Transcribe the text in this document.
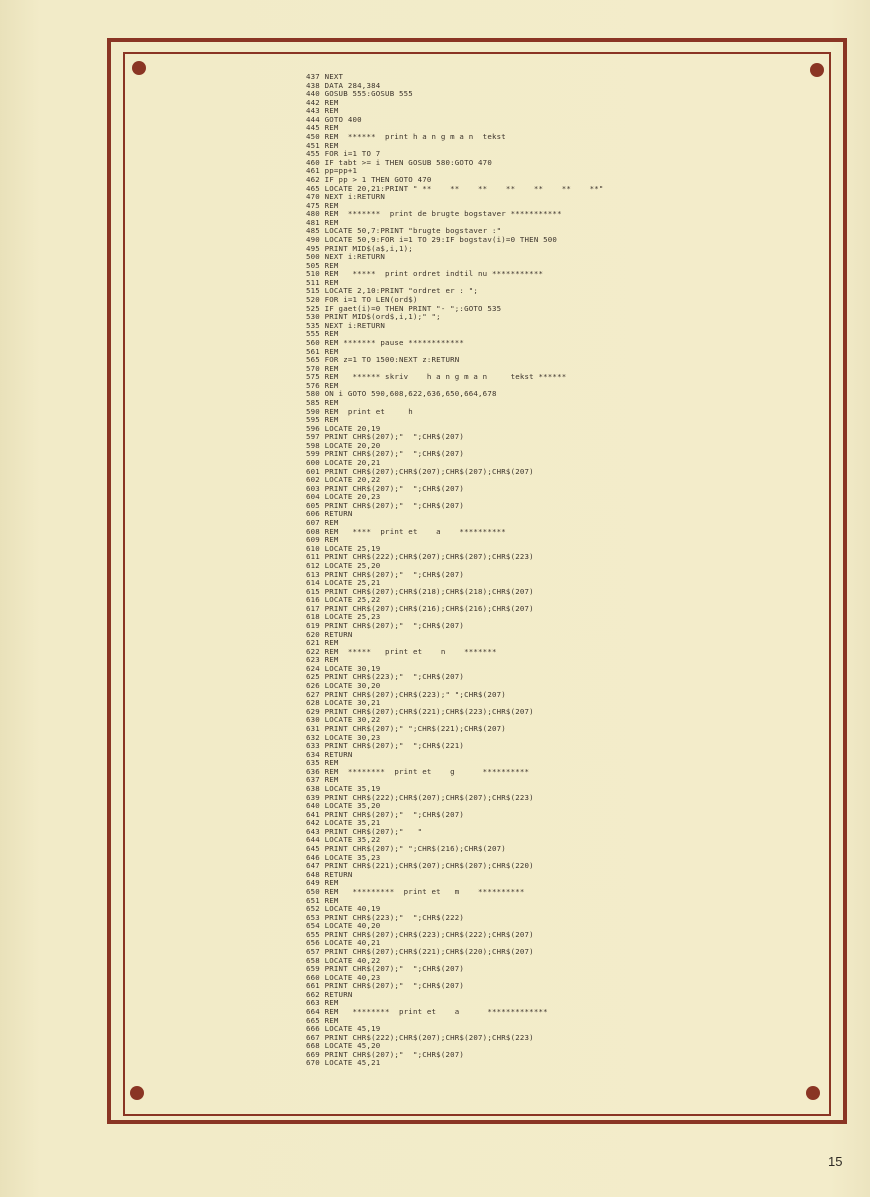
437 NEXT
438 DATA 284,384
440 GOSUB 555:GOSUB 555
442 REM
443 REM
444 GOTO 400
445 REM
450 REM  ******  print h a n g m a n  tekst
451 REM
455 FOR i=1 TO 7
460 IF tabt >= i THEN GOSUB 580:GOTO 470
461 pp=pp+1
462 IF pp > 1 THEN GOTO 470
465 LOCATE 20,21:PRINT " **    **    **    **    **    **    **"
470 NEXT i:RETURN
475 REM
480 REM  *******  print de brugte bogstaver ***********
481 REM
485 LOCATE 50,7:PRINT "brugte bogstaver :"
490 LOCATE 50,9:FOR i=1 TO 29:IF bogstav(i)=0 THEN 500
495 PRINT MID$(a$,i,1);
500 NEXT i:RETURN
505 REM
510 REM   *****  print ordret indtil nu ***********
511 REM
515 LOCATE 2,10:PRINT "ordret er : ";
520 FOR i=1 TO LEN(ord$)
525 IF gaet(i)=0 THEN PRINT "- ";:GOTO 535
530 PRINT MID$(ord$,i,1);" ";
535 NEXT i:RETURN
555 REM
560 REM ******* pause ************
561 REM
565 FOR z=1 TO 1500:NEXT z:RETURN
570 REM
575 REM   ****** skriv    h a n g m a n     tekst ******
576 REM
580 ON i GOTO 590,608,622,636,650,664,678
585 REM
590 REM  print et     h
595 REM
596 LOCATE 20,19
597 PRINT CHR$(207);"  ";CHR$(207)
598 LOCATE 20,20
599 PRINT CHR$(207);"  ";CHR$(207)
600 LOCATE 20,21
601 PRINT CHR$(207);CHR$(207);CHR$(207);CHR$(207)
602 LOCATE 20,22
603 PRINT CHR$(207);"  ";CHR$(207)
604 LOCATE 20,23
605 PRINT CHR$(207);"  ";CHR$(207)
606 RETURN
607 REM
608 REM   ****  print et    a    **********
609 REM
610 LOCATE 25,19
611 PRINT CHR$(222);CHR$(207);CHR$(207);CHR$(223)
612 LOCATE 25,20
613 PRINT CHR$(207);"  ";CHR$(207)
614 LOCATE 25,21
615 PRINT CHR$(207);CHR$(218);CHR$(218);CHR$(207)
616 LOCATE 25,22
617 PRINT CHR$(207);CHR$(216);CHR$(216);CHR$(207)
618 LOCATE 25,23
619 PRINT CHR$(207);"  ";CHR$(207)
620 RETURN
621 REM
622 REM  *****   print et    n    *******
623 REM
624 LOCATE 30,19
625 PRINT CHR$(223);"  ";CHR$(207)
626 LOCATE 30,20
627 PRINT CHR$(207);CHR$(223);" ";CHR$(207)
628 LOCATE 30,21
629 PRINT CHR$(207);CHR$(221);CHR$(223);CHR$(207)
630 LOCATE 30,22
631 PRINT CHR$(207);" ";CHR$(221);CHR$(207)
632 LOCATE 30,23
633 PRINT CHR$(207);"  ";CHR$(221)
634 RETURN
635 REM
636 REM  ********  print et    g      **********
637 REM
638 LOCATE 35,19
639 PRINT CHR$(222);CHR$(207);CHR$(207);CHR$(223)
640 LOCATE 35,20
641 PRINT CHR$(207);"  ";CHR$(207)
642 LOCATE 35,21
643 PRINT CHR$(207);"   "
644 LOCATE 35,22
645 PRINT CHR$(207);" ";CHR$(216);CHR$(207)
646 LOCATE 35,23
647 PRINT CHR$(221);CHR$(207);CHR$(207);CHR$(220)
648 RETURN
649 REM
650 REM   *********  print et   m    **********
651 REM
652 LOCATE 40,19
653 PRINT CHR$(223);"  ";CHR$(222)
654 LOCATE 40,20
655 PRINT CHR$(207);CHR$(223);CHR$(222);CHR$(207)
656 LOCATE 40,21
657 PRINT CHR$(207);CHR$(221);CHR$(220);CHR$(207)
658 LOCATE 40,22
659 PRINT CHR$(207);"  ";CHR$(207)
660 LOCATE 40,23
661 PRINT CHR$(207);"  ";CHR$(207)
662 RETURN
663 REM
664 REM   ********  print et    a      *************
665 REM
666 LOCATE 45,19
667 PRINT CHR$(222);CHR$(207);CHR$(207);CHR$(223)
668 LOCATE 45,20
669 PRINT CHR$(207);"  ";CHR$(207)
670 LOCATE 45,21
15
